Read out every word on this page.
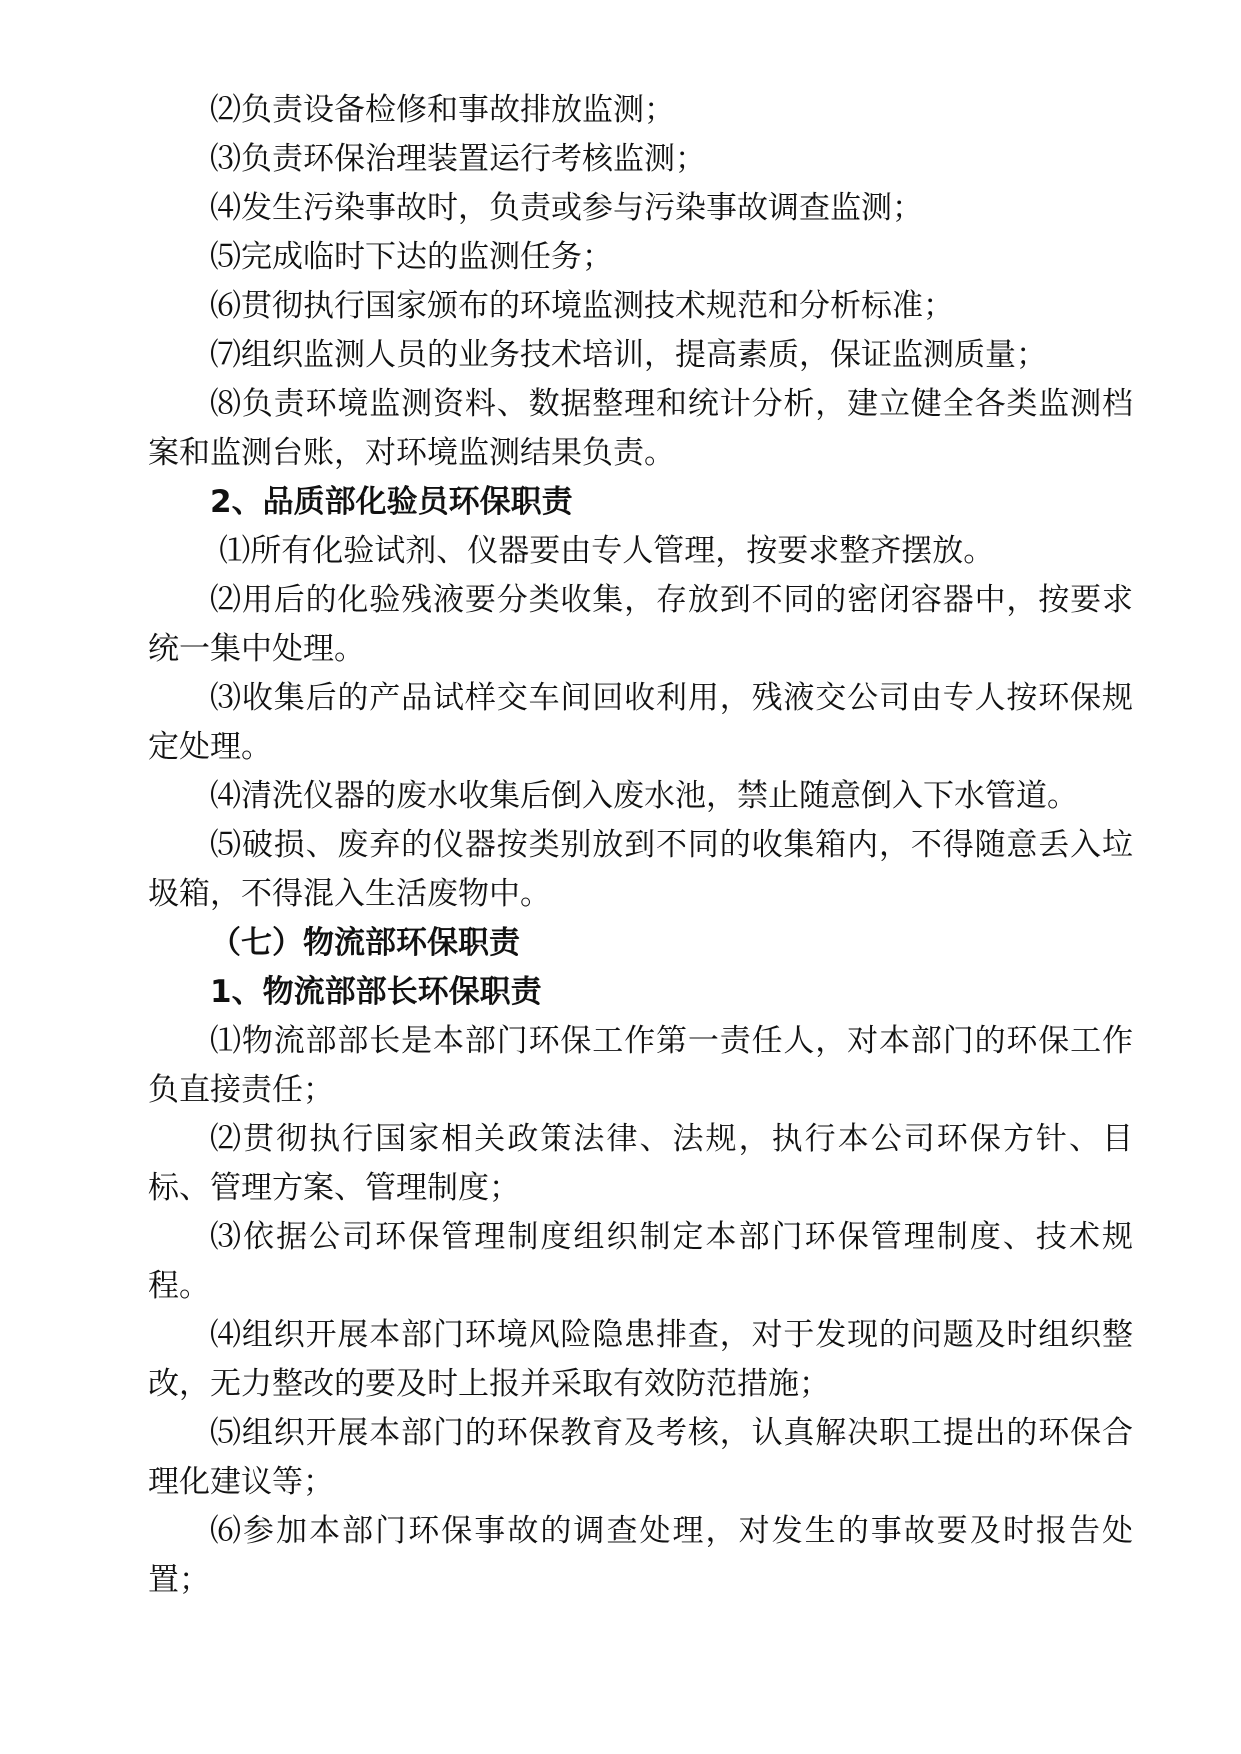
⑵负责设备检修和事故排放监测；

⑶负责环保治理装置运行考核监测；

⑷发生污染事故时，负责或参与污染事故调查监测；

⑸完成临时下达的监测任务；

⑹贯彻执行国家颁布的环境监测技术规范和分析标准；

⑺组织监测人员的业务技术培训，提高素质，保证监测质量；

⑻负责环境监测资料、数据整理和统计分析，建立健全各类监测档案和监测台账，对环境监测结果负责。

2、品质部化验员环保职责

⑴所有化验试剂、仪器要由专人管理，按要求整齐摆放。

⑵用后的化验残液要分类收集，存放到不同的密闭容器中，按要求统一集中处理。

⑶收集后的产品试样交车间回收利用，残液交公司由专人按环保规定处理。

⑷清洗仪器的废水收集后倒入废水池，禁止随意倒入下水管道。

⑸破损、废弃的仪器按类别放到不同的收集箱内，不得随意丢入垃圾箱，不得混入生活废物中。

（七）物流部环保职责

1、物流部部长环保职责

⑴物流部部长是本部门环保工作第一责任人，对本部门的环保工作负直接责任；

⑵贯彻执行国家相关政策法律、法规，执行本公司环保方针、目标、管理方案、管理制度；

⑶依据公司环保管理制度组织制定本部门环保管理制度、技术规程。

⑷组织开展本部门环境风险隐患排查，对于发现的问题及时组织整改，无力整改的要及时上报并采取有效防范措施；

⑸组织开展本部门的环保教育及考核，认真解决职工提出的环保合理化建议等；

⑹参加本部门环保事故的调查处理，对发生的事故要及时报告处置；
